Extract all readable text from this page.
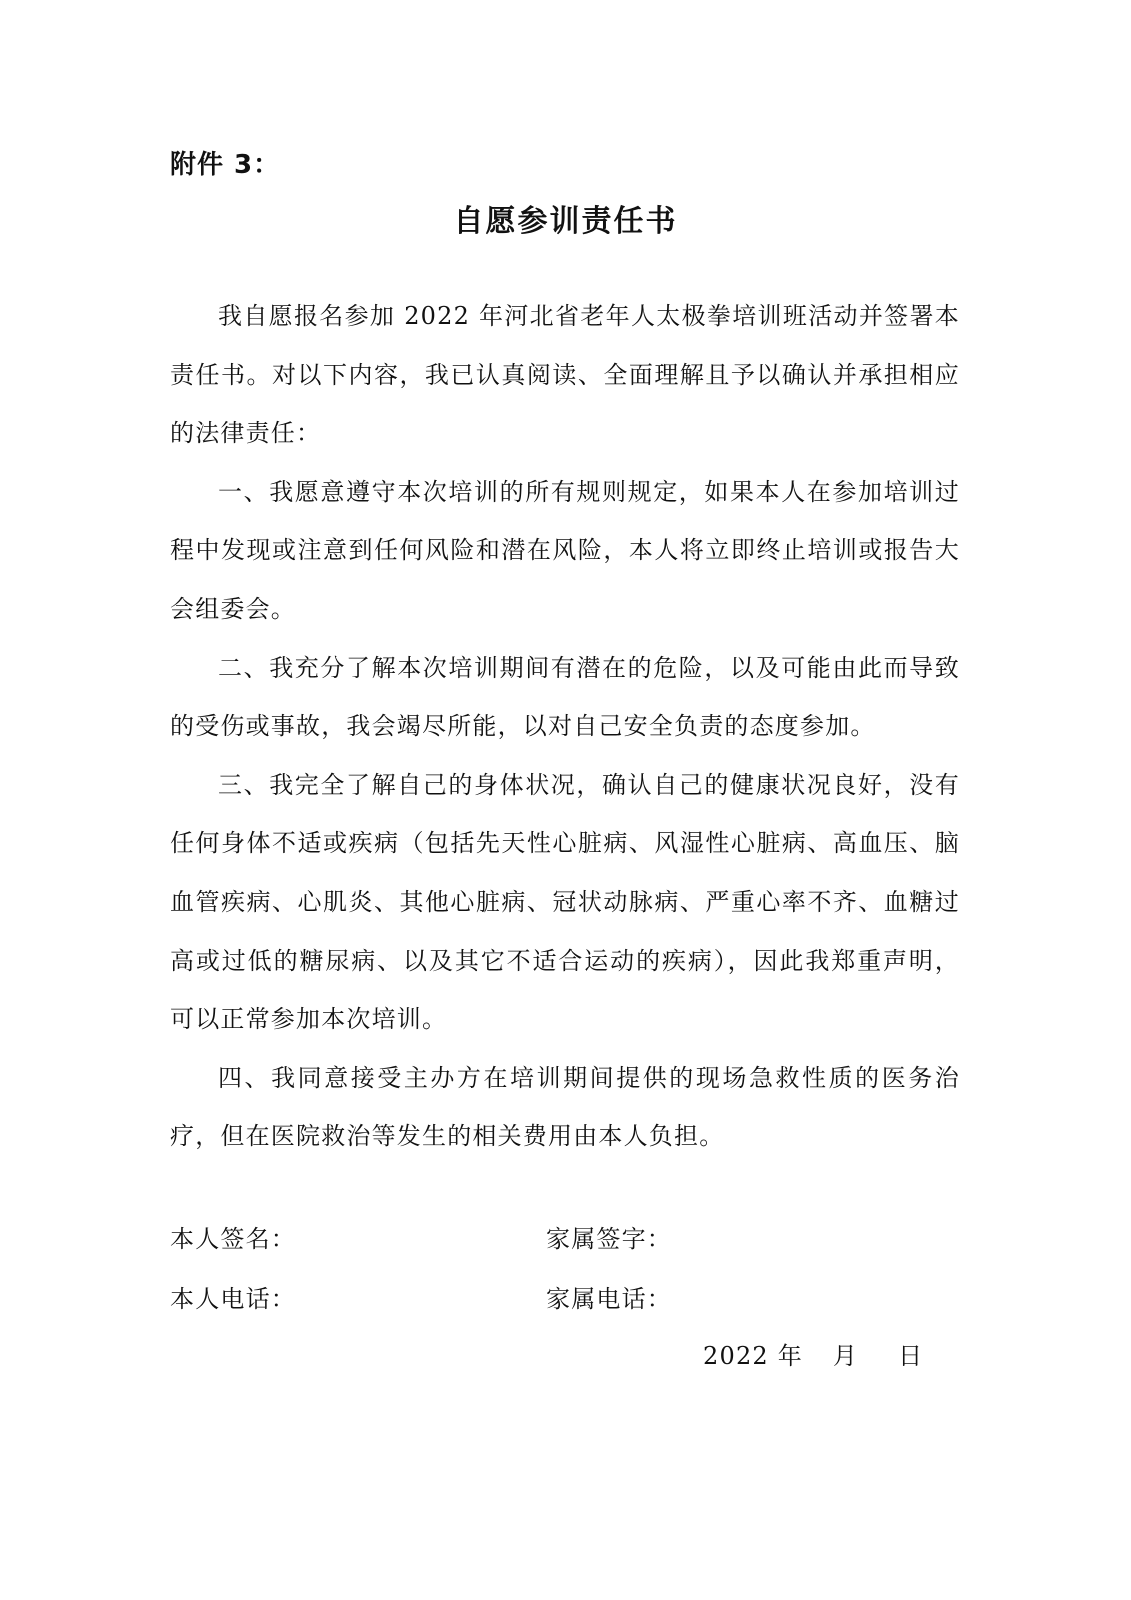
附件 3：
自愿参训责任书

我自愿报名参加 2022 年河北省老年人太极拳培训班活动并签署本责任书。对以下内容，我已认真阅读、全面理解且予以确认并承担相应的法律责任：

一、我愿意遵守本次培训的所有规则规定，如果本人在参加培训过程中发现或注意到任何风险和潜在风险，本人将立即终止培训或报告大会组委会。

二、我充分了解本次培训期间有潜在的危险，以及可能由此而导致的受伤或事故，我会竭尽所能，以对自己安全负责的态度参加。

三、我完全了解自己的身体状况，确认自己的健康状况良好，没有任何身体不适或疾病（包括先天性心脏病、风湿性心脏病、高血压、脑血管疾病、心肌炎、其他心脏病、冠状动脉病、严重心率不齐、血糖过高或过低的糖尿病、以及其它不适合运动的疾病），因此我郑重声明，可以正常参加本次培训。

四、我同意接受主办方在培训期间提供的现场急救性质的医务治疗，但在医院救治等发生的相关费用由本人负担。

本人签名：	家属签字：
本人电话：	家属电话：
2022 年 月 日
